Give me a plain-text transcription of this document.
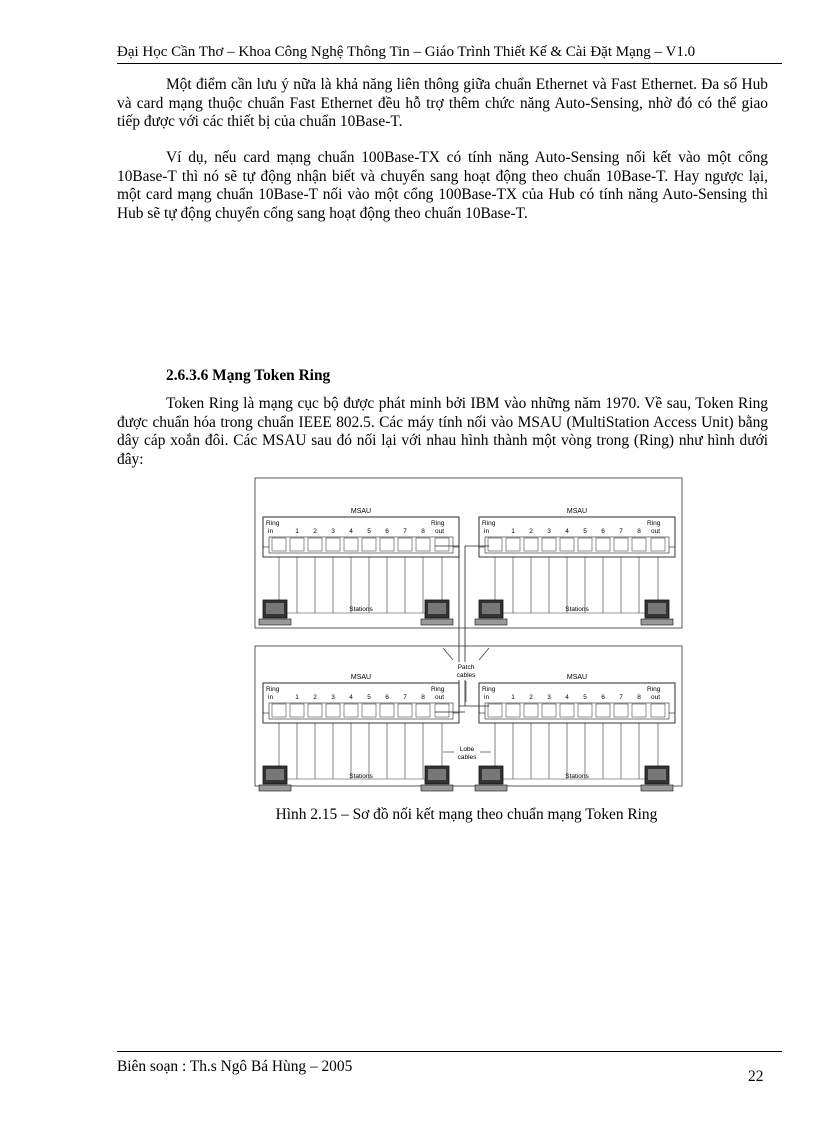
Đại Học Cần Thơ – Khoa Công Nghệ Thông Tin – Giáo Trình Thiết Kế & Cài Đặt Mạng – V1.0

Một điểm cần lưu ý nữa là khả năng liên thông giữa chuẩn Ethernet và Fast Ethernet. Đa số Hub và card mạng thuộc chuẩn Fast Ethernet đều hỗ trợ thêm chức năng Auto-Sensing, nhờ đó có thể giao tiếp được với các thiết bị của chuẩn 10Base-T.

Ví dụ, nếu card mạng chuẩn 100Base-TX có tính năng Auto-Sensing nối kết vào một cổng 10Base-T thì nó sẽ tự động nhận biết và chuyển sang hoạt động theo chuẩn 10Base-T. Hay ngược lại, một card mạng chuẩn 10Base-T nối vào một cổng 100Base-TX của Hub có tính năng Auto-Sensing thì Hub sẽ tự động chuyển cổng sang hoạt động theo chuẩn 10Base-T.

2.6.3.6 Mạng Token Ring

Token Ring là mạng cục bộ được phát minh bởi IBM vào những năm 1970. Về sau, Token Ring được chuẩn hóa trong chuẩn IEEE 802.5. Các máy tính nối vào MSAU (MultiStation Access Unit) bằng dây cáp xoắn đôi. Các MSAU sau đó nối lại với nhau hình thành một vòng trong (Ring) như hình dưới đây:

MSAU	MSAU
MSAU	MSAU
Ring
in
Ring
out
Ring
in
Ring
out
Ring
in
Ring
out
Ring
in
Ring
out
1 2 3 4 5 6 7 8	1 2 3 4 5 6 7 8
1 2 3 4 5 6 7 8	1 2 3 4 5 6 7 8
Stations	Stations
Stations	Stations
Patch
cables
Lobe
cables
Hình 2.15 – Sơ đồ nối kết mạng theo chuẩn mạng Token Ring
Biên soạn : Th.s Ngô Bá Hùng – 2005
22
